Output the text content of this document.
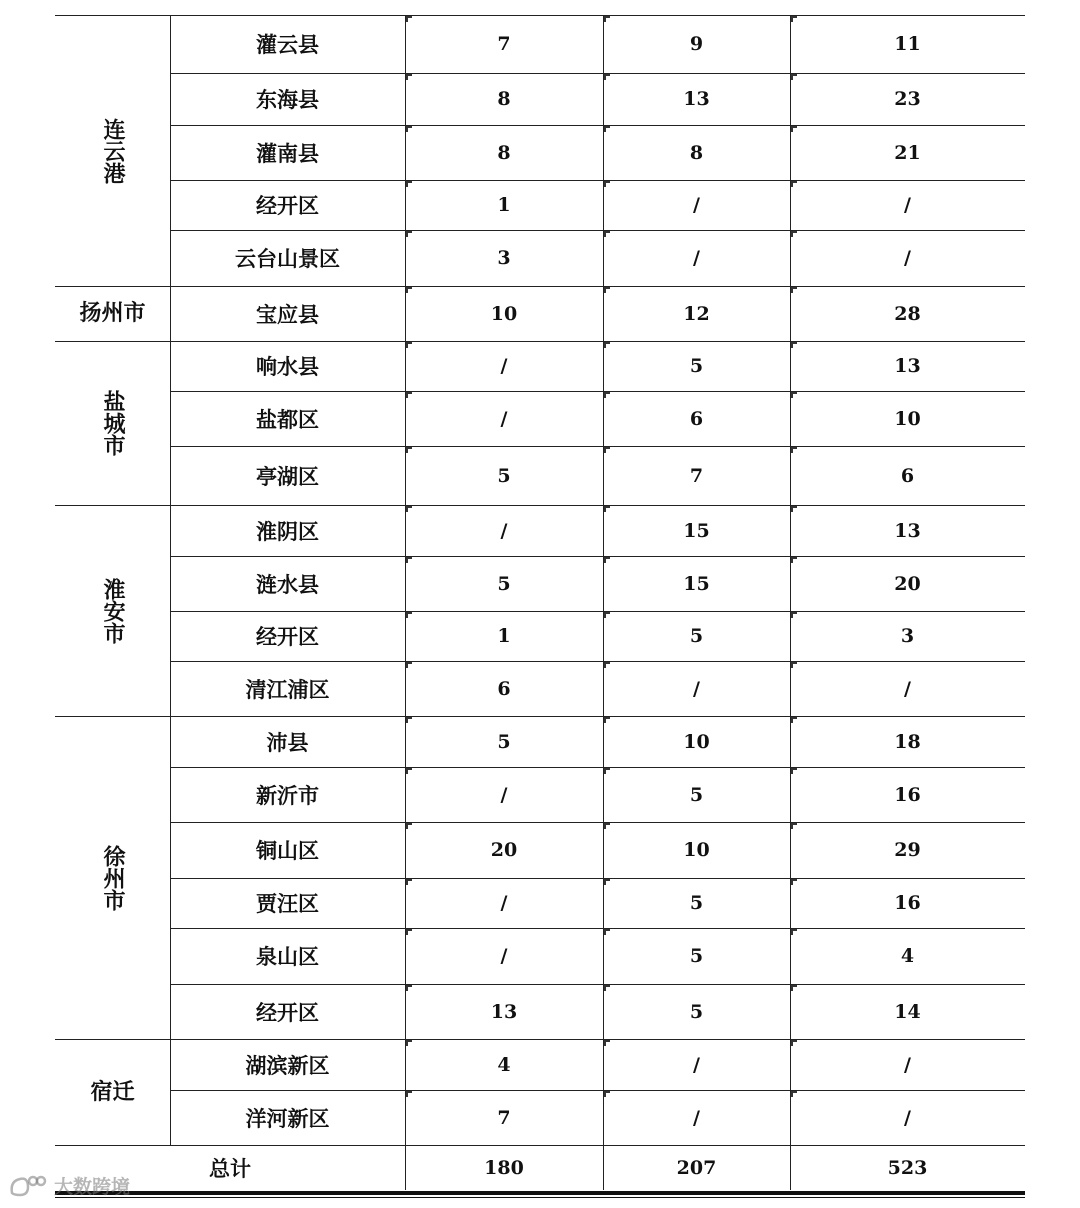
连云港
灌云县	7	9	11
东海县	8	13	23
灌南县	8	8	21
经开区	1	/	/
云台山景区	3	/	/
扬州市	宝应县	10	12	28
盐城市
响水县	/	5	13
盐都区	/	6	10
亭湖区	5	7	6
淮安市
淮阴区	/	15	13
涟水县	5	15	20
经开区	1	5	3
清江浦区	6	/	/
徐州市
沛县	5	10	18
新沂市	/	5	16
铜山区	20	10	29
贾汪区	/	5	16
泉山区	/	5	4
经开区	13	5	14
宿迁
湖滨新区	4	/	/
洋河新区	7	/	/
总计	180	207	523
大数跨境
